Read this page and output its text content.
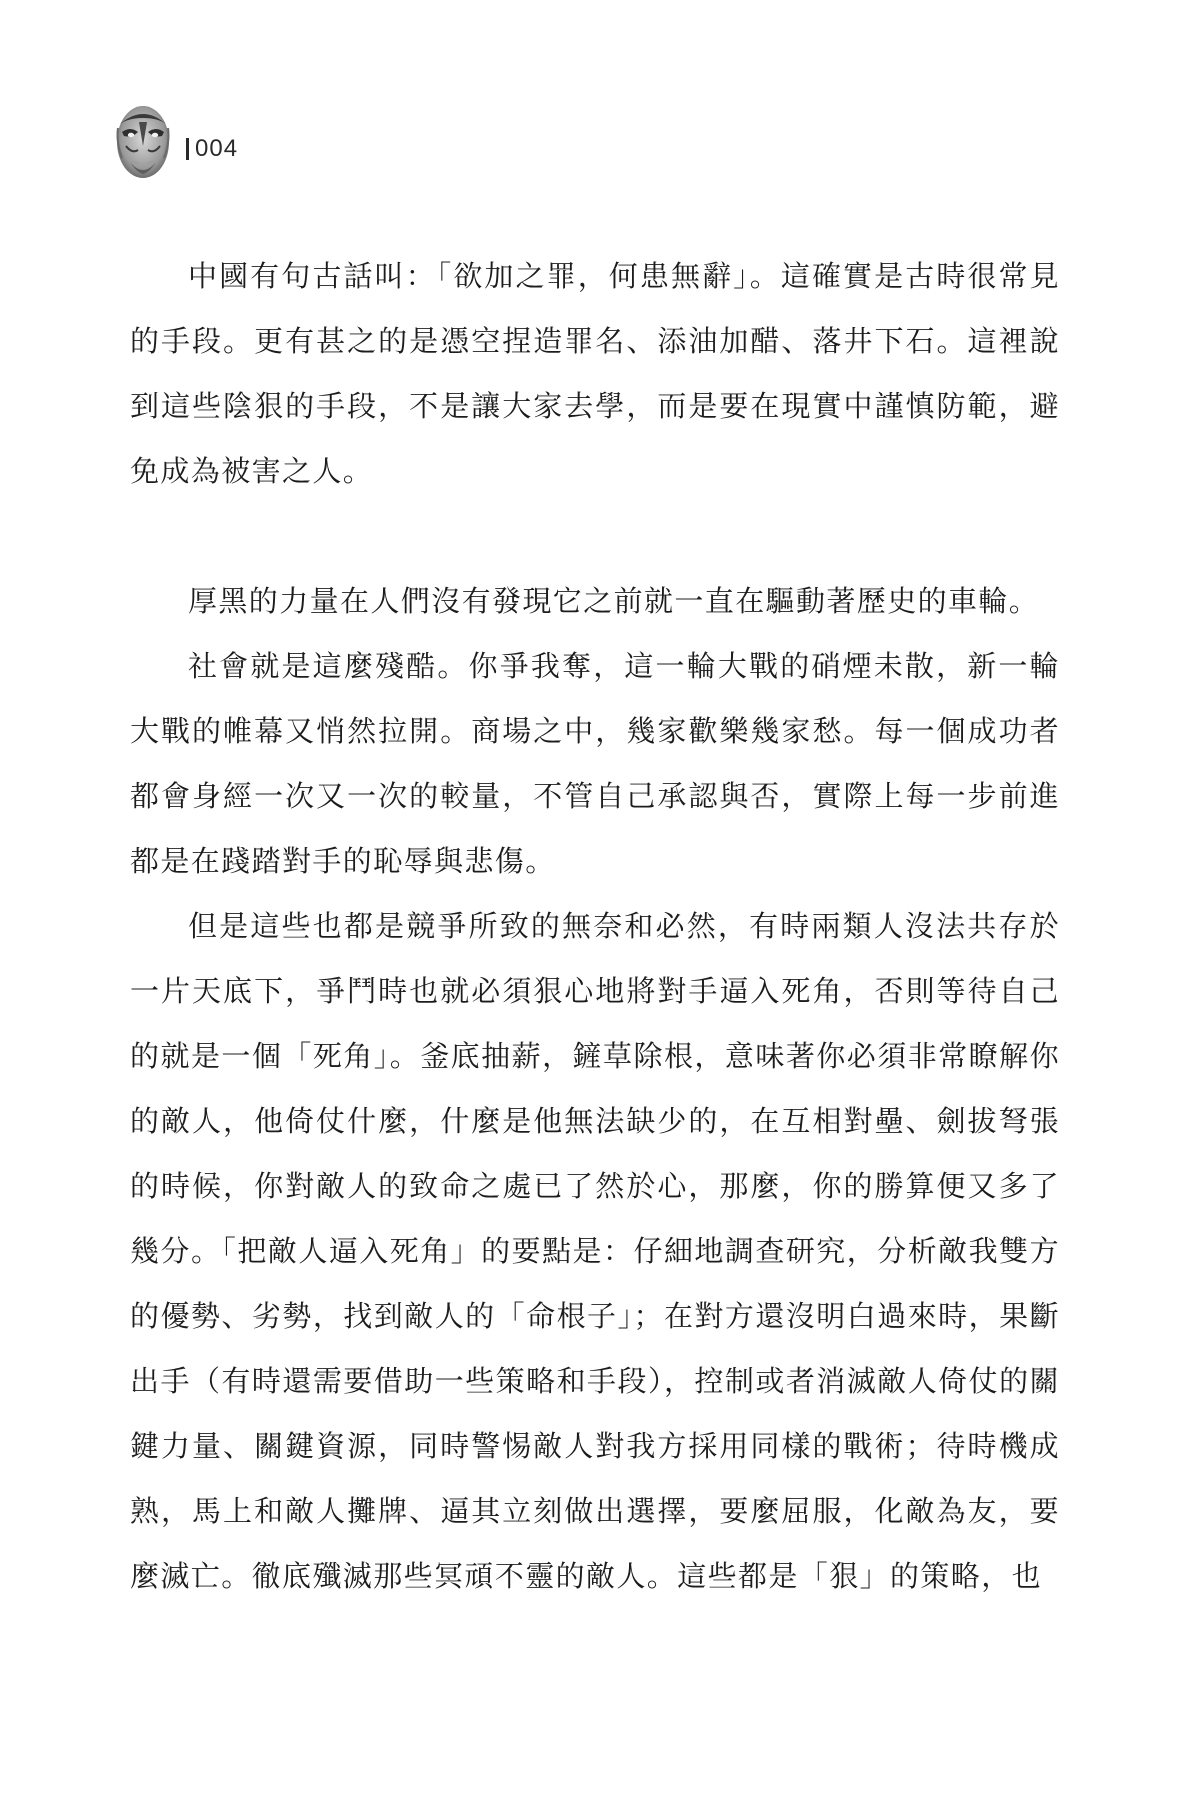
004

中國有句古話叫：「欲加之罪，何患無辭」。這確實是古時很常見的手段。更有甚之的是憑空捏造罪名、添油加醋、落井下石。這裡說到這些陰狠的手段，不是讓大家去學，而是要在現實中謹慎防範，避免成為被害之人。

厚黑的力量在人們沒有發現它之前就一直在驅動著歷史的車輪。

社會就是這麼殘酷。你爭我奪，這一輪大戰的硝煙未散，新一輪大戰的帷幕又悄然拉開。商場之中，幾家歡樂幾家愁。每一個成功者都會身經一次又一次的較量，不管自己承認與否，實際上每一步前進都是在踐踏對手的恥辱與悲傷。

但是這些也都是競爭所致的無奈和必然，有時兩類人沒法共存於一片天底下，爭鬥時也就必須狠心地將對手逼入死角，否則等待自己的就是一個「死角」。釜底抽薪，鏟草除根，意味著你必須非常瞭解你的敵人，他倚仗什麼，什麼是他無法缺少的，在互相對壘、劍拔弩張的時候，你對敵人的致命之處已了然於心，那麼，你的勝算便又多了幾分。「把敵人逼入死角」的要點是：仔細地調查研究，分析敵我雙方的優勢、劣勢，找到敵人的「命根子」；在對方還沒明白過來時，果斷出手（有時還需要借助一些策略和手段），控制或者消滅敵人倚仗的關鍵力量、關鍵資源，同時警惕敵人對我方採用同樣的戰術；待時機成熟，馬上和敵人攤牌、逼其立刻做出選擇，要麼屈服，化敵為友，要麼滅亡。徹底殲滅那些冥頑不靈的敵人。這些都是「狠」的策略，也
